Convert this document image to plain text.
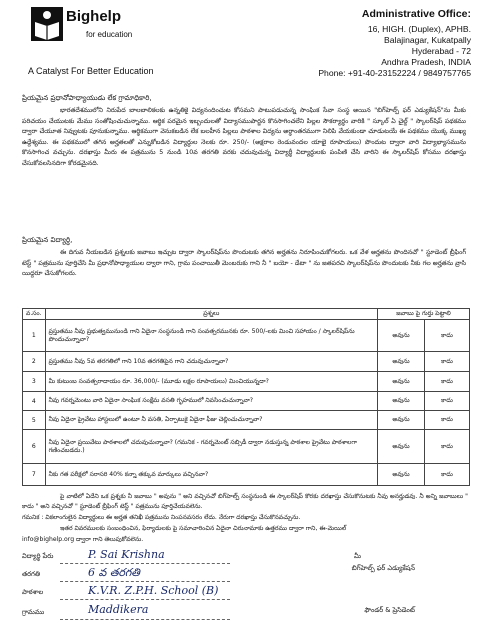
Bighelp
for education
A Catalyst For Better Education
Administrative Office:
16, HIGH. (Duplex), APHB.
Balajinagar, Kukatpally
Hyderabad - 72
Andhra Pradesh, INDIA
Phone: +91-40-23152224 / 9849757765
ప్రియమైన ప్రధానోపాధ్యాయుడు లేక గ్రామాధికారి,

భారతదేశములోని నిరుపేద బాలబాలికలకు ఉన్నతికై విద్యనందించుట కోసమని పాటుపడుచున్న సాంఘిక సేవా సంస్థ అయిన "బిగ్‌హెల్ప్ ఫర్ ఎడ్యుకేషన్"ను మీకు పరిచయం చేయుటకు మేము సంతోషించుచున్నాము. ఆర్థిక పరమైన ఇబ్బందులతో విద్యాసముపార్జన కొనసాగించలేని పిల్లల సౌకర్యార్థం వారికి " స్కూల్ ఏ చైల్డ్ " స్కాలర్‌షిప్ పథకము ద్వారా చేయూత నివ్వుటకు పూనుకున్నాము. ఆర్థికముగా వెనుకబడిన లేక బలహీన పిల్లలు పాఠశాల విద్యను అర్థాంతరముగా నిలిపి వేయకుండా చూడుటయే ఈ పథకము యొక్క ముఖ్య ఉద్దేశ్యము. ఈ పథకములో తగిన అర్హతలతో ఎన్నుకోబడిన విద్యార్థుల నెలకు రూ. 250/- (అక్షరాల రెండువందల యాభై రూపాయలు) పొందుట ద్వారా వారి విద్యాభ్యాసమును కొనసాగించ వచ్చును. దరఖాస్తు మీరు ఈ పత్రమును 5 నుండి 10వ తరగతి వరకు చదువుచున్న విద్యార్థీ విద్యార్థులకు పంపిణి చేసి వారిని ఈ స్కాలర్‌షిప్ కోసము దరఖాస్తు చేసుకోవలసినదిగా కోరడమైనది.

ప్రియమైన విద్యార్థి,

ఈ దిగువ నీయబడిన ప్రశ్నలకు జవాబు ఇచ్చుట ద్వారా స్కాలర్‌షిప్‌ను పొందుటకు తగిన అర్హతను నిరూపించుకోగలరు. ఒక వేళ అర్హతను పొందినచో " స్టూడెంట్ బ్రీఫింగ్ టెస్ట్ " పత్రమును పూర్తిచేసి మీ ప్రధానోపాధ్యాయుల ద్వారా గాని, గ్రామ పంచాయితీ మెంబరుకు గాని నీ " బయో - డేటా " ను జతపరచి స్కాలర్‌షిప్‌ను పొందుటకు నీకు గల అర్హతను వ్రాసి యిద్దరూ చేసుకోగలరు.

వ.సం.	ప్రశ్నలు	జవాబు పై గుర్తు పెట్టాలి	
1	ప్రస్తుతము నీవు ప్రభుత్వమునుండి గాని ఏదైనా సంస్థనుండి గాని సంవత్సరమునకు రూ. 500/-లకు మించి సహాయం / స్కాలర్‌షిప్‌ను పొందుచున్నావా?	అవును	కాదు
2	ప్రస్తుతము నీవు 5వ తరగతిలో గాని 10వ తరగతిపైన గాని చదువుచున్నావా?	అవును	కాదు
3	మీ కుటుంబ సంవత్సరాదాయం రూ. 36,000/- (మూడు లక్షల రూపాయలు) మించియున్నదా?	అవును	కాదు
4	నీవు గవర్నమెంటు వారి ఏదైనా సాంఘిక సంక్షేమ వసతి గృహములో నివసించుచున్నావా?	అవును	కాదు
5	నీవు ఏదైనా ప్రైవేటు హాస్టలులో ఉంటూ నీ వసతి, ఏర్పాటుకై ఏదైనా ఫీజు చెల్లించుచున్నావా?	అవును	కాదు
6	నీవు ఏదైనా ప్రయివేటు పాఠశాలలో చదువుచున్నావా? (గమనిక - గవర్నమెంట్ సబ్సిడీ ద్వారా నడుస్తున్న పాఠశాల ప్రైవేటు పాఠశాలగా గణించబడదు.)	అవును	కాదు
7	నీకు గత పరీక్షలో సరాసరి 40% కన్నా తక్కువ మార్కులు వచ్చినవా?	అవును	కాదు
పై వాటిలో ఏదేని ఒక ప్రశ్నకు నీ జవాబు " అవును " అని వచ్చినచో బిగ్‌హెల్ప్ సంస్థనుండి ఈ స్కాలర్‌షిప్ కొరకు దరఖాస్తు చేసుకొనుటకు నీవు అనర్హుడవు. నీ అన్ని జవాబులు " కాదు " అని వచ్చినచో " స్టూడెంట్ బ్రీఫింగ్ టెస్ట్ " పత్రమును పూర్తిచేయవలెను.
గమనిక : వికలాంగులైన విద్యార్థులు ఈ అర్హత తనిఖీ పత్రమును నింపనవసరం లేదు. నేరుగా దరఖాస్తు చేసుకొనవచ్చును.
ఇతర వివరములకు సంబంధించిన, ఫిర్యాదులకు పై సమాచారించిన ఏదైనా చిరునామాకు ఉత్తరము ద్వారా గాని, ఈ-మెయిల్
info@bighelp.org ద్వారా గాని తెలుపుకోవలెను.
విద్యార్థి పేరు	P. Sai Krishna
తరగతి	6 వ తరగతి
పాఠశాల	K.V.R. Z.P.H. School (B)
గ్రామము	Maddikera
మీ
బిగ్‌హెల్ప్ ఫర్ ఎడ్యుకేషన్
ఫౌండర్ & ప్రెసిడెంట్
